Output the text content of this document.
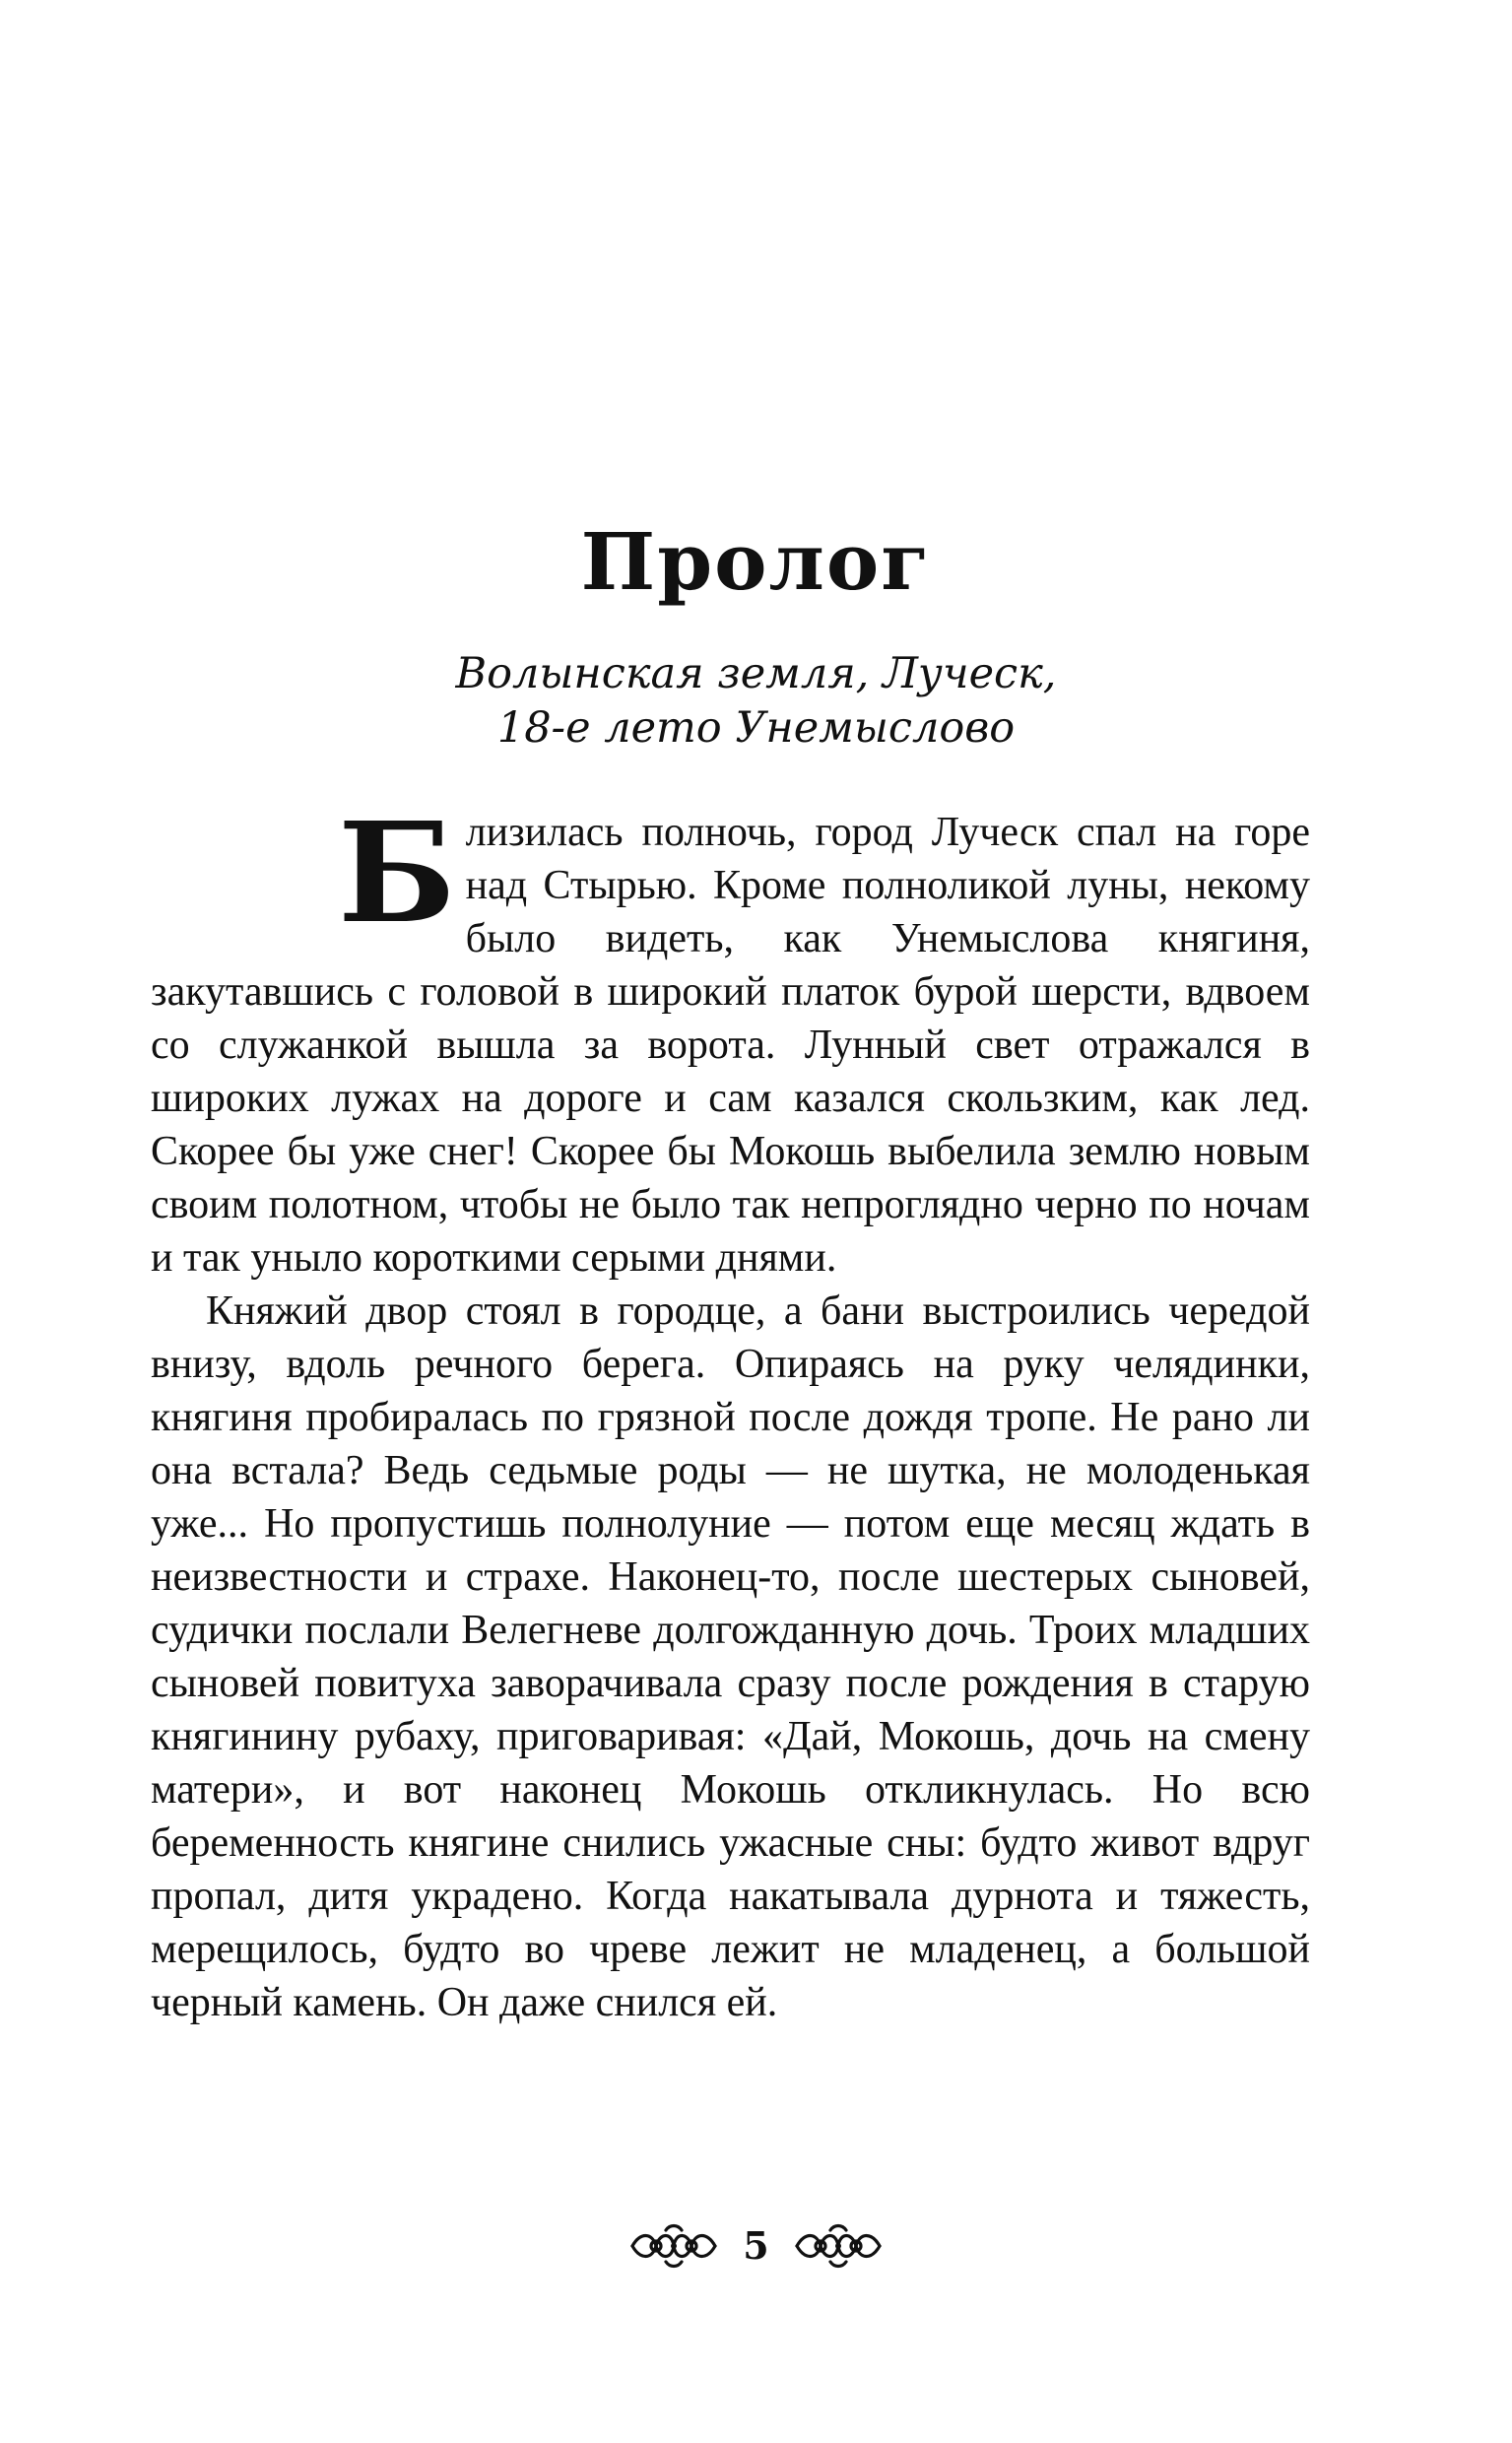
Пролог
Волынская земля, Луческ,
18-е лето Унемыслово

Близилась полночь, город Луческ спал на горе над Стырью. Кроме полноликой луны, некому было видеть, как Унемыслова княгиня, закутавшись с головой в широкий платок бурой шерсти, вдвоем со служанкой вышла за ворота. Лунный свет отражался в широких лужах на дороге и сам казался скользким, как лед. Скорее бы уже снег! Скорее бы Мокошь выбелила землю новым своим полотном, чтобы не было так непроглядно черно по ночам и так уныло короткими серыми днями.

Княжий двор стоял в городце, а бани выстроились чередой внизу, вдоль речного берега. Опираясь на руку челядинки, княгиня пробиралась по грязной после дождя тропе. Не рано ли она встала? Ведь седьмые роды — не шутка, не молоденькая уже... Но пропустишь полнолуние — потом еще месяц ждать в неизвестности и страхе. Наконец-то, после шестерых сыновей, судички послали Велегневе долгожданную дочь. Троих младших сыновей повитуха заворачивала сразу после рождения в старую княгинину рубаху, приговаривая: «Дай, Мокошь, дочь на смену матери», и вот наконец Мокошь откликнулась. Но всю беременность княгине снились ужасные сны: будто живот вдруг пропал, дитя украдено. Когда накатывала дурнота и тяжесть, мерещилось, будто во чреве лежит не младенец, а большой черный камень. Он даже снился ей.

5
